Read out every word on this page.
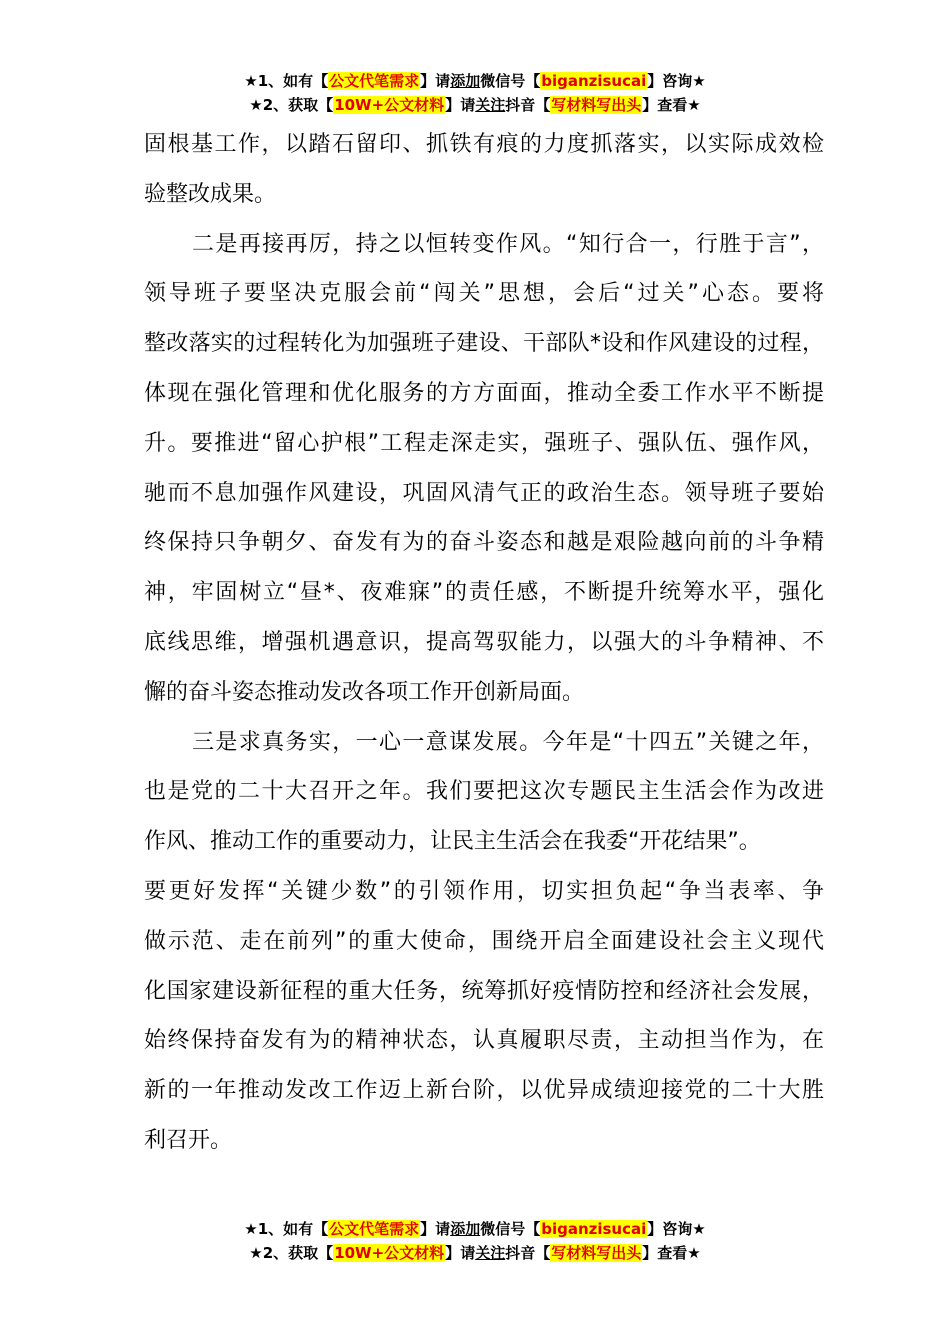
★1、如有【公文代笔需求】请添加微信号【biganzisucai】咨询★
★2、获取【10W+公文材料】请关注抖音【写材料写出头】查看★
固根基工作，以踏石留印、抓铁有痕的力度抓落实，以实际成效检
验整改成果。
二是再接再厉，持之以恒转变作风。“知行合一，行胜于言”，
领导班子要坚决克服会前“闯关”思想，会后“过关”心态。要将
整改落实的过程转化为加强班子建设、干部队*设和作风建设的过程，
体现在强化管理和优化服务的方方面面，推动全委工作水平不断提
升。要推进“留心护根”工程走深走实，强班子、强队伍、强作风，
驰而不息加强作风建设，巩固风清气正的政治生态。领导班子要始
终保持只争朝夕、奋发有为的奋斗姿态和越是艰险越向前的斗争精
神，牢固树立“昼*、夜难寐”的责任感，不断提升统筹水平，强化
底线思维，增强机遇意识，提高驾驭能力，以强大的斗争精神、不
懈的奋斗姿态推动发改各项工作开创新局面。
三是求真务实，一心一意谋发展。今年是“十四五”关键之年，
也是党的二十大召开之年。我们要把这次专题民主生活会作为改进
作风、推动工作的重要动力，让民主生活会在我委“开花结果”。
要更好发挥“关键少数”的引领作用，切实担负起“争当表率、争
做示范、走在前列”的重大使命，围绕开启全面建设社会主义现代
化国家建设新征程的重大任务，统筹抓好疫情防控和经济社会发展，
始终保持奋发有为的精神状态，认真履职尽责，主动担当作为，在
新的一年推动发改工作迈上新台阶，以优异成绩迎接党的二十大胜
利召开。
★1、如有【公文代笔需求】请添加微信号【biganzisucai】咨询★
★2、获取【10W+公文材料】请关注抖音【写材料写出头】查看★
